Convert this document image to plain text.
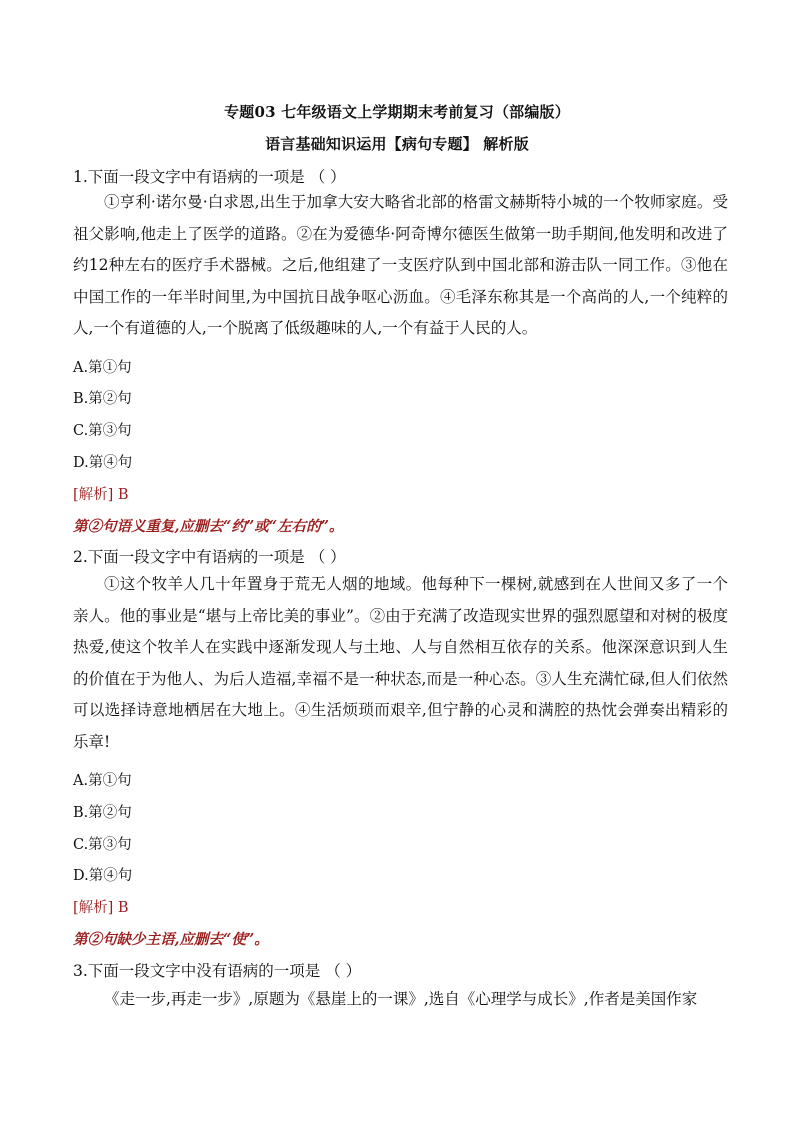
专题03 七年级语文上学期期末考前复习（部编版）
语言基础知识运用【病句专题】 解析版
1.下面一段文字中有语病的一项是 （ ）
①亨利·诺尔曼·白求恩,出生于加拿大安大略省北部的格雷文赫斯特小城的一个牧师家庭。受祖父影响,他走上了医学的道路。②在为爱德华·阿奇博尔德医生做第一助手期间,他发明和改进了约12种左右的医疗手术器械。之后,他组建了一支医疗队到中国北部和游击队一同工作。③他在中国工作的一年半时间里,为中国抗日战争呕心沥血。④毛泽东称其是一个高尚的人,一个纯粹的人,一个有道德的人,一个脱离了低级趣味的人,一个有益于人民的人。
A.第①句
B.第②句
C.第③句
D.第④句
[解析] B
第②句语义重复,应删去“约”或“左右的”。
2.下面一段文字中有语病的一项是 （ ）
①这个牧羊人几十年置身于荒无人烟的地域。他每种下一棵树,就感到在人世间又多了一个亲人。他的事业是“堪与上帝比美的事业”。②由于充满了改造现实世界的强烈愿望和对树的极度热爱,使这个牧羊人在实践中逐渐发现人与土地、人与自然相互依存的关系。他深深意识到人生的价值在于为他人、为后人造福,幸福不是一种状态,而是一种心态。③人生充满忙碌,但人们依然可以选择诗意地栖居在大地上。④生活烦琐而艰辛,但宁静的心灵和满腔的热忱会弹奏出精彩的乐章!
A.第①句
B.第②句
C.第③句
D.第④句
[解析] B
第②句缺少主语,应删去“使”。
3.下面一段文字中没有语病的一项是 （ ）
《走一步,再走一步》,原题为《悬崖上的一课》,选自《心理学与成长》,作者是美国作家
